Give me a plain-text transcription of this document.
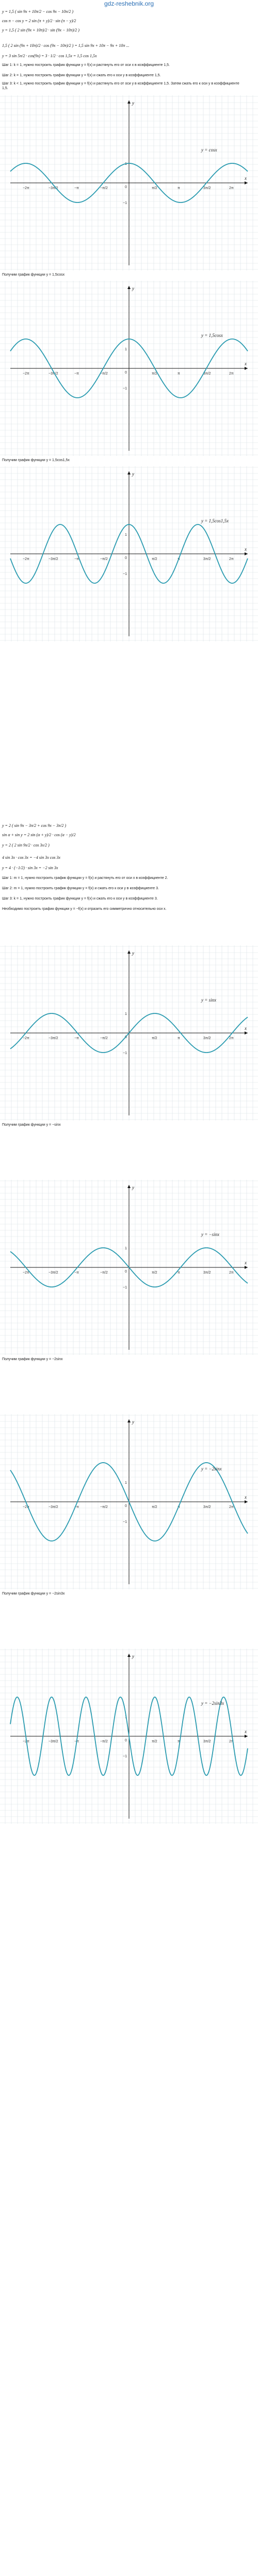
gdz-reshebnik.org
y = 1,5 ( sin 9x + 10π/2 − cos 9x − 10π/2 )
cos π − cos y = 2 sin (π + y)/2 · sin (π − y)/2
y = 1,5 ( 2 sin (9x + 10π)/2 · sin (9x − 10π)/2 )
1,5 ( 2 sin (9x + 10π)/2 · cos (9x − 10π)/2 ) = 1,5 sin 9x + 10π − 9x + 10π ...
y = 3 sin 5π/2 · cos(9x) = 3 · 1/2 · cos 1,5x = 1,5 cos 1,5x
Шаг 1: k = 1, нужно построить график функции y = f(x) и растянуть его от оси x в коэффициенте 1,5.
Шаг 2: k = 1, нужно построить график функции y = f(x) и сжать его к оси y в коэффициенте 1,5.
Шаг 3: k < 1, нужно построить график функции y = f(x) и растянуть его от оси y в коэффициенте 1,5. Затем сжать его к оси y в коэффициенте 1,5.
x
y
−2π	−3π/2	−π	−π/2	π/2	π	3π/2	2π
0
1
−1
y = cosx
Получим график функции y = 1,5cosx
x
y
−2π	−3π/2	−π	−π/2	π/2	π	3π/2	2π
0
1
−1
y = 1,5cosx
Получим график функции y = 1,5cos1,5x
x
y
−2π	−3π/2	−π	−π/2	π/2	π	3π/2	2π
0
1
−1
y = 1,5cos1,5x
x
y
−2π	−3π/2	−π	−π/2	π/2	π	3π/2	2π
0
1
−1
y = sinx
Получим график функции y = −sinx
x
y
−2π	−3π/2	−π	−π/2	π/2	π	3π/2	2π
0
1
−1
y = −sinx
Получим график функции y = −2sinx
x
y
−2π	−3π/2	−π	−π/2	π/2	π	3π/2	2π
0
1
−1
y = −2sinx
Получим график функции y = −2sin3x
x
y
−2π	−3π/2	−π	−π/2	π/2	π	3π/2	2π
0
1
−1
y = −2sin3x
y = 2 ( sin 9x − 3π/2 + cos 9x − 3π/2 )
sin α + sin y = 2 sin (α + y)/2 · cos (α − y)/2
y = 2 ( 2 sin 9x/2 · cos 3x/2 )
4 sin 3x · cos 3x = −4 sin 3x cos 3x
y = 4 · (−1/2) · sin 3x = −2 sin 3x
Шаг 1: m = 1, нужно построить график функции y = f(x) и растянуть его от оси x в коэффициенте 2.
Шаг 2: m = 1, нужно построить график функции y = f(x) и сжать его к оси y в коэффициенте 3.
Шаг 3: k = 1, нужно построить график функции y = f(x) и сжать его к оси y в коэффициенте 3.
Необходимо построить график функции y = −f(x) и отразить его симметрично относительно оси x.
